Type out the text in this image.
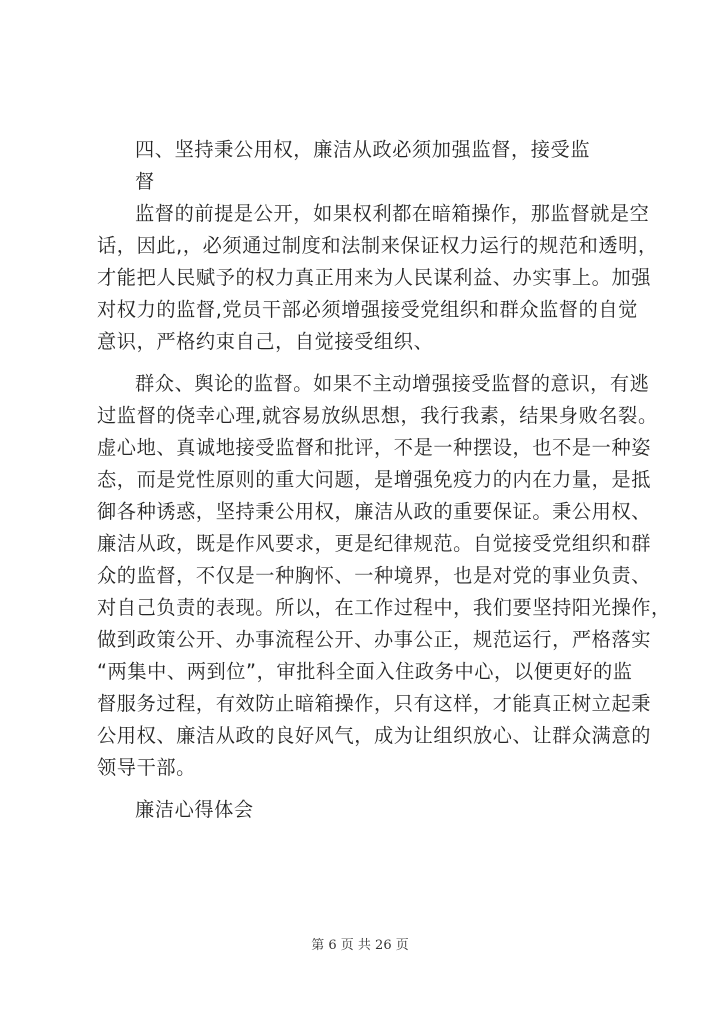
四、坚持秉公用权，廉洁从政必须加强监督，接受监
督
监督的前提是公开，如果权利都在暗箱操作，那监督就是空
话，因此,，必须通过制度和法制来保证权力运行的规范和透明，
才能把人民赋予的权力真正用来为人民谋利益、办实事上。加强
对权力的监督,党员干部必须增强接受党组织和群众监督的自觉
意识，严格约束自己，自觉接受组织、
群众、舆论的监督。如果不主动增强接受监督的意识，有逃
过监督的侥幸心理,就容易放纵思想，我行我素，结果身败名裂。
虚心地、真诚地接受监督和批评，不是一种摆设，也不是一种姿
态，而是党性原则的重大问题，是增强免疫力的内在力量，是抵
御各种诱惑，坚持秉公用权，廉洁从政的重要保证。秉公用权、
廉洁从政，既是作风要求，更是纪律规范。自觉接受党组织和群
众的监督，不仅是一种胸怀、一种境界，也是对党的事业负责、
对自己负责的表现。所以，在工作过程中，我们要坚持阳光操作，
做到政策公开、办事流程公开、办事公正，规范运行，严格落实
“两集中、两到位”，审批科全面入住政务中心，以便更好的监
督服务过程，有效防止暗箱操作，只有这样，才能真正树立起秉
公用权、廉洁从政的良好风气，成为让组织放心、让群众满意的
领导干部。
廉洁心得体会
第 6 页 共 26 页
